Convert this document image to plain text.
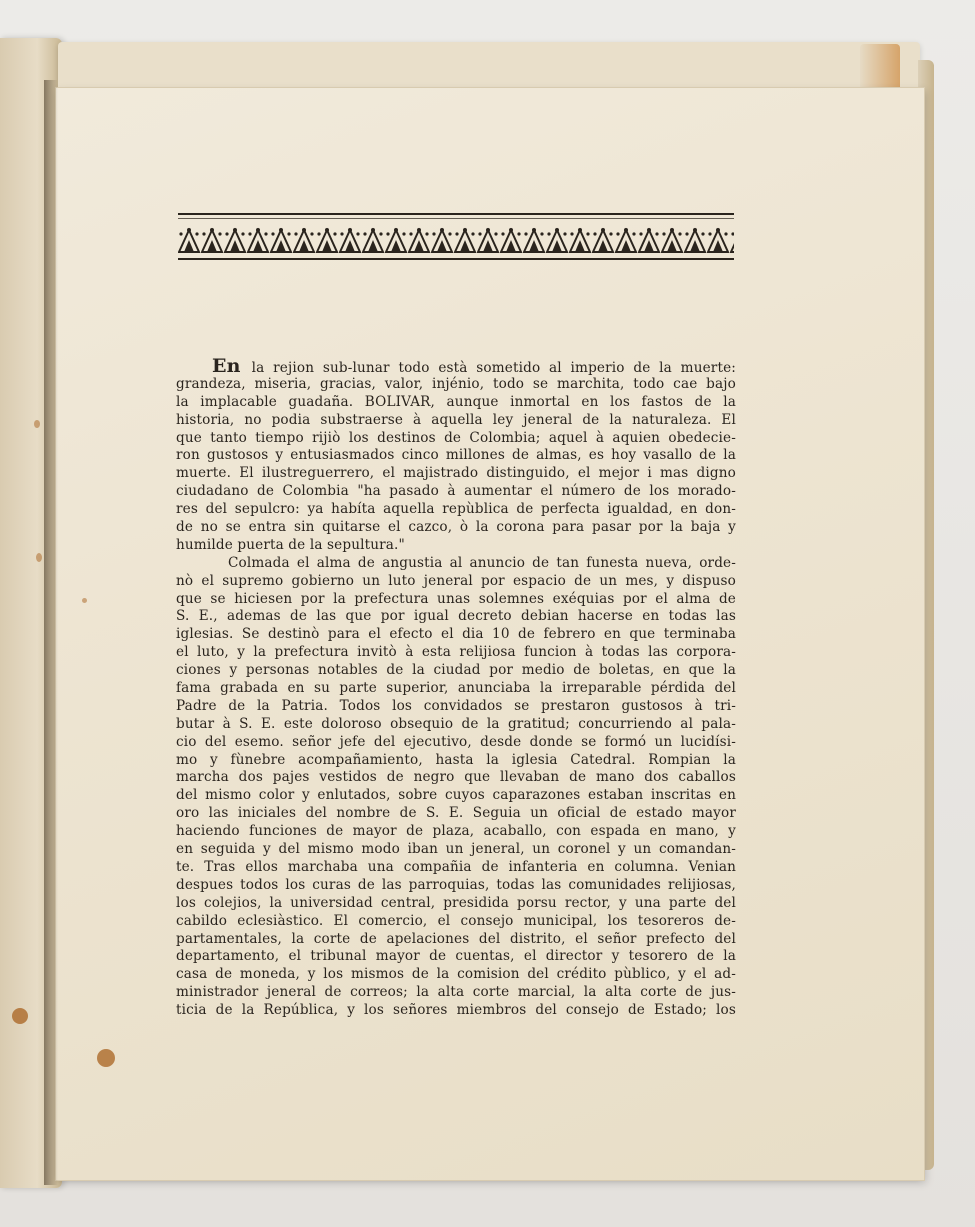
En la rejion sub-lunar todo està sometido al imperio de la muerte:
grandeza, miseria, gracias, valor, injénio, todo se marchita, todo cae bajo
la implacable guadaña. BOLIVAR, aunque inmortal en los fastos de la
historia, no podia substraerse à aquella ley jeneral de la naturaleza. El
que tanto tiempo rijiò los destinos de Colombia; aquel à aquien obedecie-
ron gustosos y entusiasmados cinco millones de almas, es hoy vasallo de la
muerte. El ilustreguerrero, el majistrado distinguido, el mejor i mas digno
ciudadano de Colombia "ha pasado à aumentar el número de los morado-
res del sepulcro: ya habíta aquella repùblica de perfecta igualdad, en don-
de no se entra sin quitarse el cazco, ò la corona para pasar por la baja y
humilde puerta de la sepultura."
Colmada el alma de angustia al anuncio de tan funesta nueva, orde-
nò el supremo gobierno un luto jeneral por espacio de un mes, y dispuso
que se hiciesen por la prefectura unas solemnes exéquias por el alma de
S. E., ademas de las que por igual decreto debian hacerse en todas las
iglesias. Se destinò para el efecto el dia 10 de febrero en que terminaba
el luto, y la prefectura invitò à esta relijiosa funcion à todas las corpora-
ciones y personas notables de la ciudad por medio de boletas, en que la
fama grabada en su parte superior, anunciaba la irreparable pérdida del
Padre de la Patria. Todos los convidados se prestaron gustosos à tri-
butar à S. E. este doloroso obsequio de la gratitud; concurriendo al pala-
cio del esemo. señor jefe del ejecutivo, desde donde se formó un lucidísi-
mo y fùnebre acompañamiento, hasta la iglesia Catedral. Rompian la
marcha dos pajes vestidos de negro que llevaban de mano dos caballos
del mismo color y enlutados, sobre cuyos caparazones estaban inscritas en
oro las iniciales del nombre de S. E. Seguia un oficial de estado mayor
haciendo funciones de mayor de plaza, acaballo, con espada en mano, y
en seguida y del mismo modo iban un jeneral, un coronel y un comandan-
te. Tras ellos marchaba una compañia de infanteria en columna. Venian
despues todos los curas de las parroquias, todas las comunidades relijiosas,
los colejios, la universidad central, presidida porsu rector, y una parte del
cabildo eclesiàstico. El comercio, el consejo municipal, los tesoreros de-
partamentales, la corte de apelaciones del distrito, el señor prefecto del
departamento, el tribunal mayor de cuentas, el director y tesorero de la
casa de moneda, y los mismos de la comision del crédito pùblico, y el ad-
ministrador jeneral de correos; la alta corte marcial, la alta corte de jus-
ticia de la República, y los señores miembros del consejo de Estado; los
